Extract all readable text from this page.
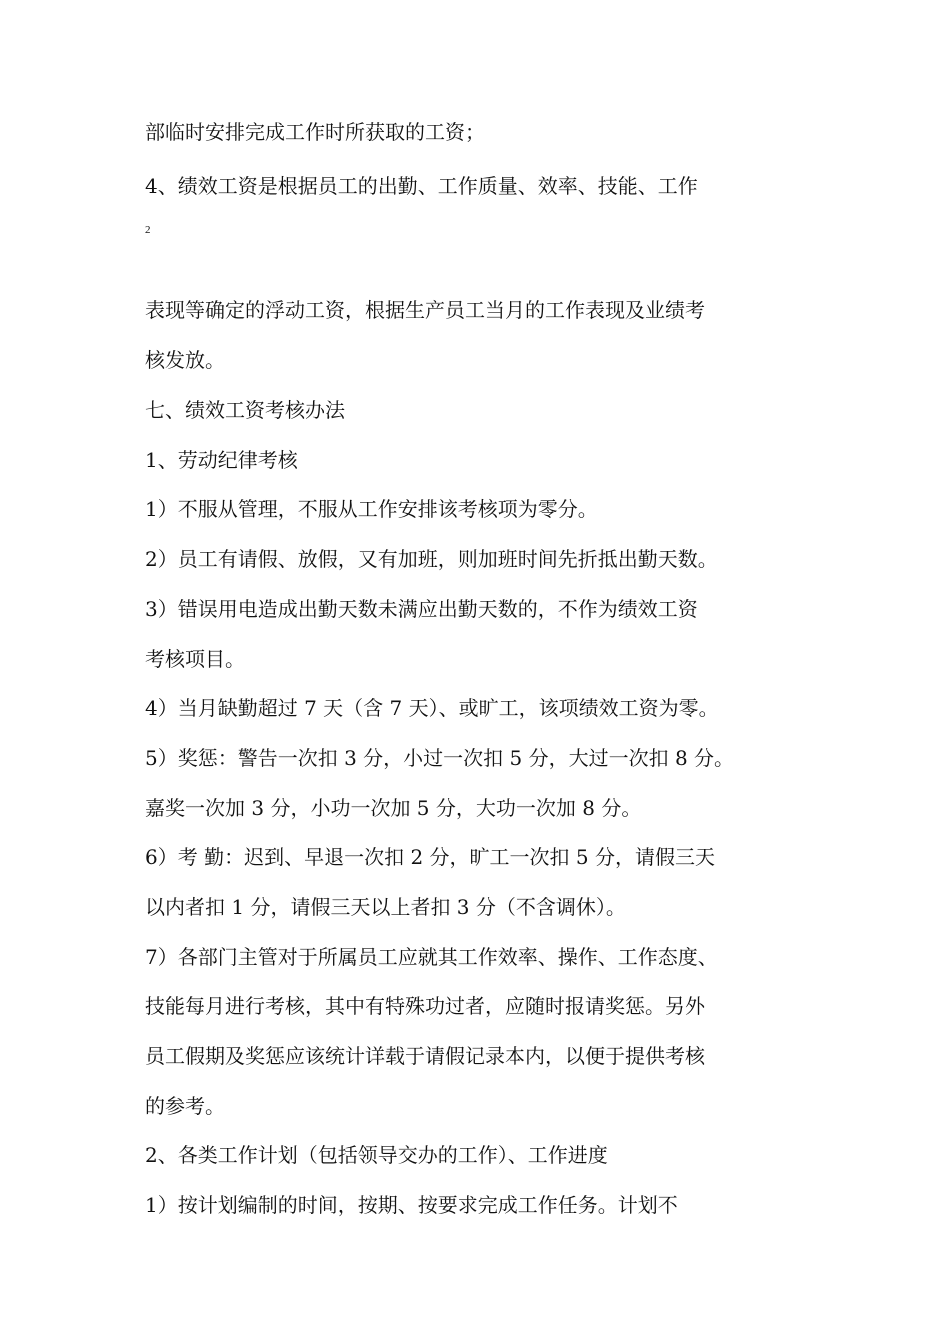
部临时安排完成工作时所获取的工资；
4、绩效工资是根据员工的出勤、工作质量、效率、技能、工作
2
表现等确定的浮动工资，根据生产员工当月的工作表现及业绩考
核发放。
七、绩效工资考核办法
1、劳动纪律考核
1）不服从管理，不服从工作安排该考核项为零分。
2）员工有请假、放假，又有加班，则加班时间先折抵出勤天数。
3）错误用电造成出勤天数未满应出勤天数的，不作为绩效工资
考核项目。
4）当月缺勤超过 7 天（含 7 天）、或旷工，该项绩效工资为零。
5）奖惩：警告一次扣 3 分，小过一次扣 5 分，大过一次扣 8 分。
嘉奖一次加 3 分，小功一次加 5 分，大功一次加 8 分。
6）考 勤：迟到、早退一次扣 2 分，旷工一次扣 5 分，请假三天
以内者扣 1 分，请假三天以上者扣 3 分（不含调休）。
7）各部门主管对于所属员工应就其工作效率、操作、工作态度、
技能每月进行考核，其中有特殊功过者，应随时报请奖惩。另外
员工假期及奖惩应该统计详载于请假记录本内，以便于提供考核
的参考。
2、各类工作计划（包括领导交办的工作）、工作进度
1）按计划编制的时间，按期、按要求完成工作任务。计划不
